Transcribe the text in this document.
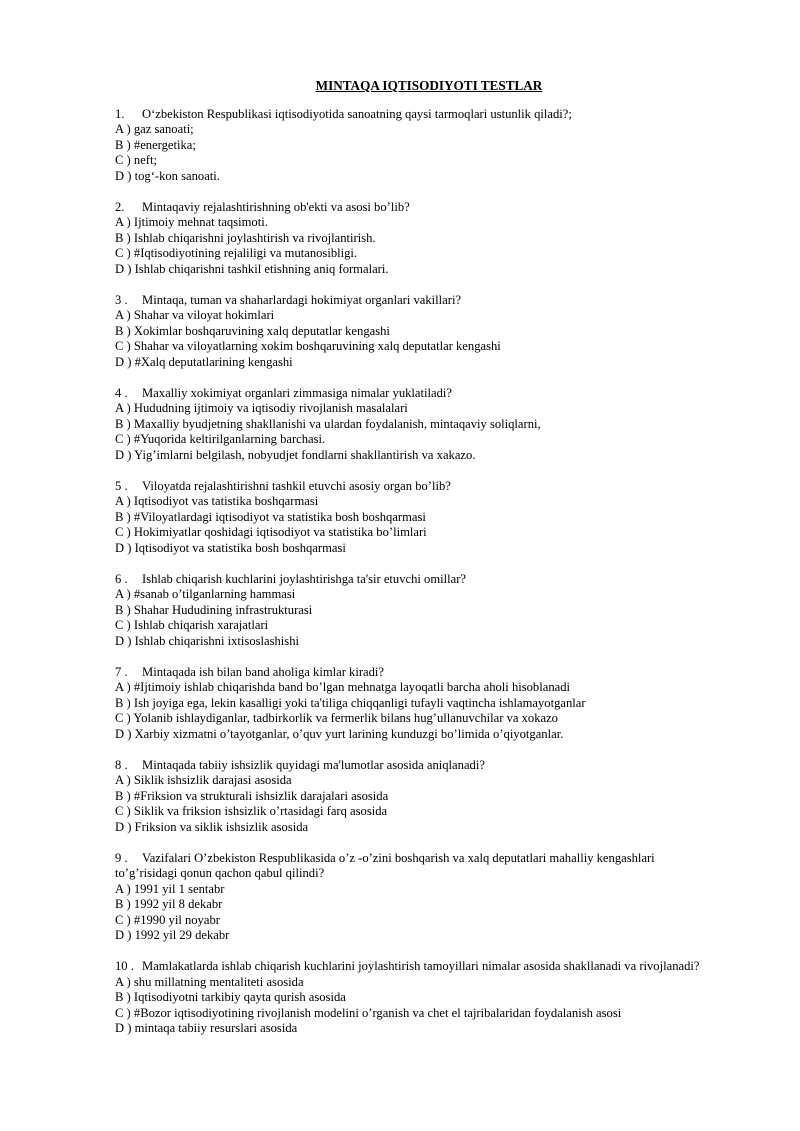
MINTAQA IQTISODIYOTI TESTLAR
1. O‘zbekiston Respublikasi iqtisodiyotida sanoatning qaysi tarmoqlari ustunlik qiladi?;
A ) gaz sanoati;
B ) #energetika;
C ) neft;
D ) tog‘-kon sanoati.
2. Mintaqaviy rejalashtirishning ob'ekti va asosi bo’lib?
A ) Ijtimoiy mehnat taqsimoti.
B ) Ishlab chiqarishni joylashtirish va rivojlantirish.
C ) #Iqtisodiyotining rejaliligi va mutanosibligi.
D ) Ishlab chiqarishni tashkil etishning aniq formalari.
3 . Mintaqa, tuman va shaharlardagi hokimiyat organlari vakillari?
A ) Shahar va viloyat hokimlari
B ) Xokimlar boshqaruvining xalq deputatlar kengashi
C ) Shahar va viloyatlarning xokim boshqaruvining xalq deputatlar kengashi
D ) #Xalq deputatlarining kengashi
4 . Maxalliy xokimiyat organlari zimmasiga nimalar yuklatiladi?
A ) Hududning ijtimoiy va iqtisodiy rivojlanish masalalari
B ) Maxalliy byudjetning shakllanishi va ulardan foydalanish, mintaqaviy soliqlarni,
C ) #Yuqorida keltirilganlarning barchasi.
D ) Yig’imlarni belgilash, nobyudjet fondlarni shakllantirish va xakazo.
5 . Viloyatda rejalashtirishni tashkil etuvchi asosiy organ bo’lib?
A ) Iqtisodiyot vas tatistika boshqarmasi
B ) #Viloyatlardagi iqtisodiyot va statistika bosh boshqarmasi
C ) Hokimiyatlar qoshidagi iqtisodiyot va statistika bo’limlari
D ) Iqtisodiyot va statistika bosh boshqarmasi
6 . Ishlab chiqarish kuchlarini joylashtirishga ta'sir etuvchi omillar?
A ) #sanab o’tilganlarning hammasi
B ) Shahar Hududining infrastrukturasi
C ) Ishlab chiqarish xarajatlari
D ) Ishlab chiqarishni ixtisoslashishi
7 . Mintaqada ish bilan band aholiga kimlar kiradi?
A ) #Ijtimoiy ishlab chiqarishda band bo’lgan mehnatga layoqatli barcha aholi hisoblanadi
B ) Ish joyiga ega, lekin kasalligi yoki ta'tiliga chiqqanligi tufayli vaqtincha ishlamayotganlar
C ) Yolanib ishlaydiganlar, tadbirkorlik va fermerlik bilans hug’ullanuvchilar va xokazo
D ) Xarbiy xizmatni o’tayotganlar, o’quv yurt larining kunduzgi bo’limida o’qiyotganlar.
8 . Mintaqada tabiiy ishsizlik quyidagi ma'lumotlar asosida aniqlanadi?
A ) Siklik ishsizlik darajasi asosida
B ) #Friksion va strukturali ishsizlik darajalari asosida
C ) Siklik va friksion ishsizlik o’rtasidagi farq asosida
D ) Friksion va siklik ishsizlik asosida
9 . Vazifalari O’zbekiston Respublikasida o’z -o’zini boshqarish va xalq deputatlari mahalliy kengashlari to’g’risidagi qonun qachon qabul qilindi?
A ) 1991 yil 1 sentabr
B ) 1992 yil 8 dekabr
C ) #1990 yil noyabr
D ) 1992 yil 29 dekabr
10 . Mamlakatlarda ishlab chiqarish kuchlarini joylashtirish tamoyillari nimalar asosida shakllanadi va rivojlanadi?
A ) shu millatning mentaliteti asosida
B ) Iqtisodiyotni tarkibiy qayta qurish asosida
C ) #Bozor iqtisodiyotining rivojlanish modelini o’rganish va chet el tajribalaridan foydalanish asosi
D ) mintaqa tabiiy resurslari asosida
